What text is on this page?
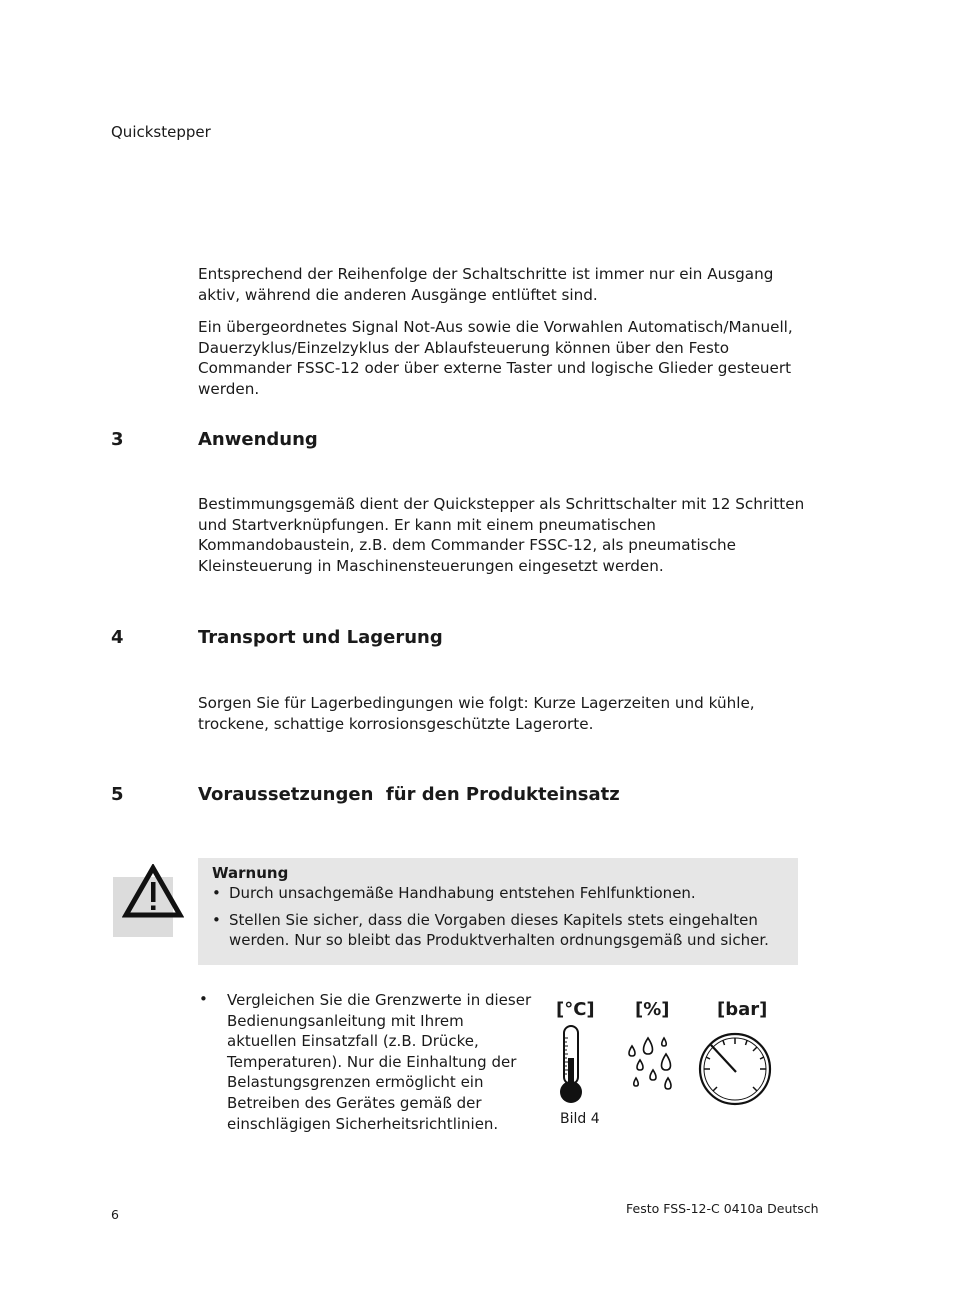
Quickstepper

Entsprechend der Reihenfolge der Schaltschritte ist immer nur ein Ausgang aktiv, während die anderen Ausgänge entlüftet sind.

Ein übergeordnetes Signal Not-Aus sowie die Vorwahlen Automatisch/Manuell, Dauerzyklus/Einzelzyklus der Ablaufsteuerung können über den Festo Commander FSSC-12 oder über externe Taster und logische Glieder gesteuert werden.

3	Anwendung

Bestimmungsgemäß dient der Quickstepper als Schrittschalter mit 12 Schritten und Startverknüpfungen. Er kann mit einem pneumatischen Kommandobaustein, z.B. dem Commander FSSC-12, als pneumatische Kleinsteuerung in Maschinensteuerungen eingesetzt werden.

4	Transport und Lagerung

Sorgen Sie für Lagerbedingungen wie folgt: Kurze Lagerzeiten und kühle, trockene, schattige korrosionsgeschützte Lagerorte.

5	Voraussetzungen  für den Produkteinsatz
Warnung
• Durch unsachgemäße Handhabung entstehen Fehlfunktionen.
• Stellen Sie sicher, dass die Vorgaben dieses Kapitels stets eingehalten werden. Nur so bleibt das Produktverhalten ordnungsgemäß und sicher.
• Vergleichen Sie die Grenzwerte in dieser Bedienungsanleitung mit Ihrem aktuellen Einsatzfall (z.B. Drücke, Temperaturen). Nur die Einhaltung der Belastungsgrenzen ermöglicht ein Betreiben des Gerätes gemäß der einschlägigen Sicherheitsrichtlinien.

[°C] [%]	[bar]
Bild 4
6	Festo FSS-12-C 0410a Deutsch
